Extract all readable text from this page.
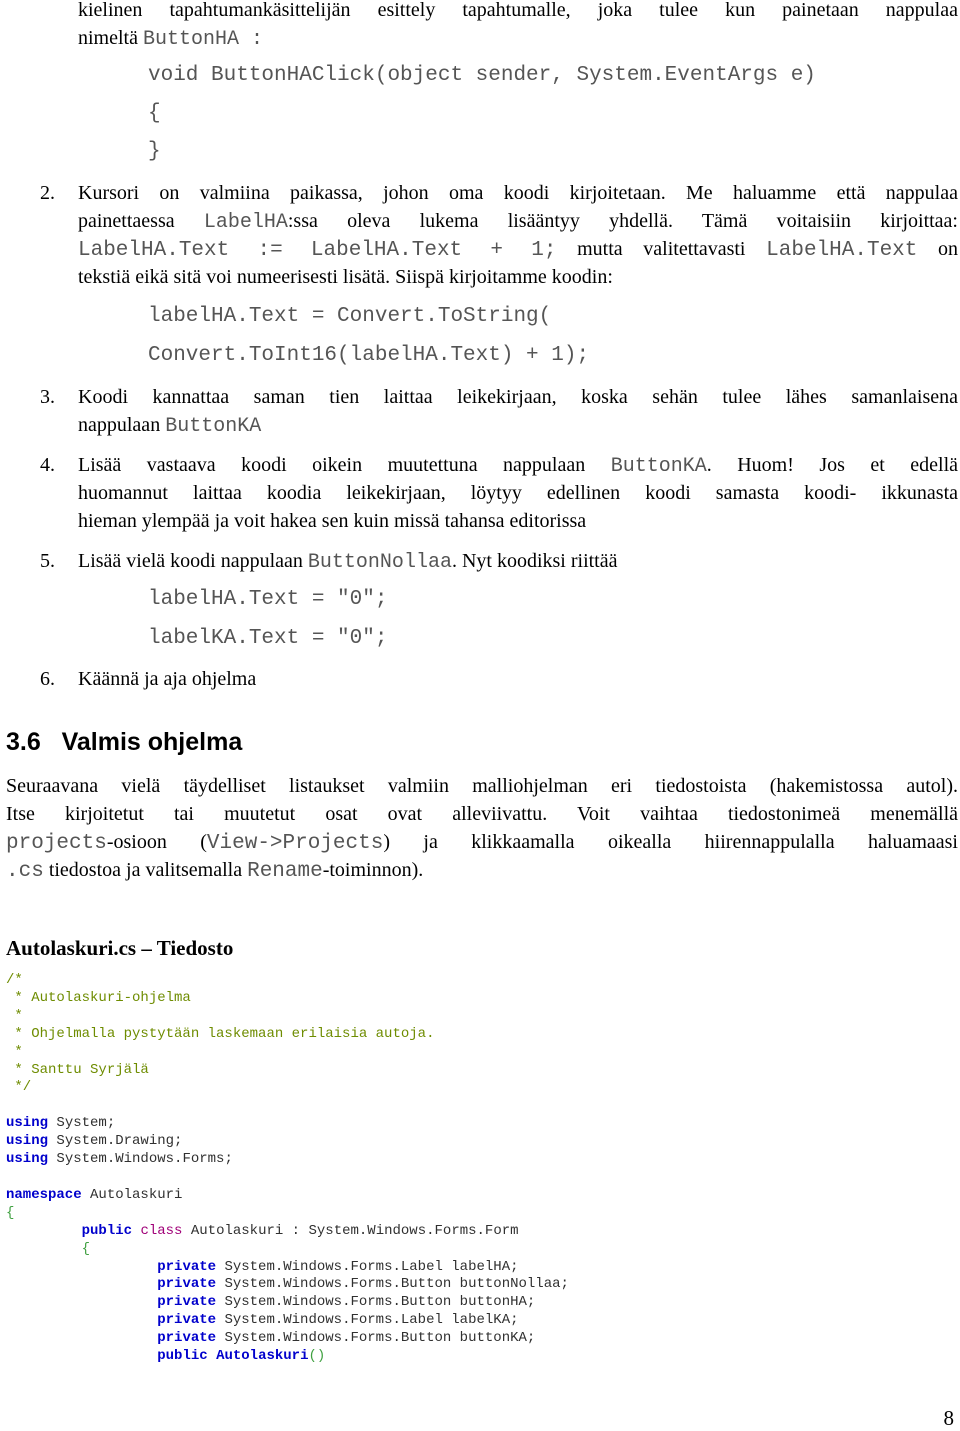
kielinen tapahtumankäsittelijän esittely tapahtumalle, joka tulee kun painetaan nappulaa
nimeltä ButtonHA :
void ButtonHAClick(object sender, System.EventArgs e)
{
}
2. Kursori on valmiina paikassa, johon oma koodi kirjoitetaan. Me haluamme että nappulaa
painettaessa LabelHA:ssa oleva lukema lisääntyy yhdellä. Tämä voitaisiin kirjoittaa:
LabelHA.Text := LabelHA.Text + 1; mutta valitettavasti LabelHA.Text on
tekstiä eikä sitä voi numeerisesti lisätä. Siispä kirjoitamme koodin:
labelHA.Text = Convert.ToString(
Convert.ToInt16(labelHA.Text) + 1);
3. Koodi kannattaa saman tien laittaa leikekirjaan, koska sehän tulee lähes samanlaisena
nappulaan ButtonKA
4. Lisää vastaava koodi oikein muutettuna nappulaan ButtonKA. Huom! Jos et edellä
huomannut laittaa koodia leikekirjaan, löytyy edellinen koodi samasta koodi- ikkunasta
hieman ylempää ja voit hakea sen kuin missä tahansa editorissa
5. Lisää vielä koodi nappulaan ButtonNollaa. Nyt koodiksi riittää
labelHA.Text = "0";
labelKA.Text = "0";
6. Käännä ja aja ohjelma
3.6   Valmis ohjelma
Seuraavana vielä täydelliset listaukset valmiin malliohjelman eri tiedostoista (hakemistossa autol).
Itse kirjoitetut tai muutetut osat ovat alleviivattu. Voit vaihtaa tiedostonimeä menemällä
projects-osioon (View->Projects) ja klikkaamalla oikealla hiirennappulalla haluamaasi
.cs tiedostoa ja valitsemalla Rename-toiminnon).
Autolaskuri.cs – Tiedosto
/*
* Autolaskuri-ohjelma
*
* Ohjelmalla pystytään laskemaan erilaisia autoja.
*
* Santtu Syrjälä
*/

using System;
using System.Drawing;
using System.Windows.Forms;

namespace Autolaskuri
{
public class Autolaskuri : System.Windows.Forms.Form
{
private System.Windows.Forms.Label labelHA;
private System.Windows.Forms.Button buttonNollaa;
private System.Windows.Forms.Button buttonHA;
private System.Windows.Forms.Label labelKA;
private System.Windows.Forms.Button buttonKA;
public Autolaskuri()
8
